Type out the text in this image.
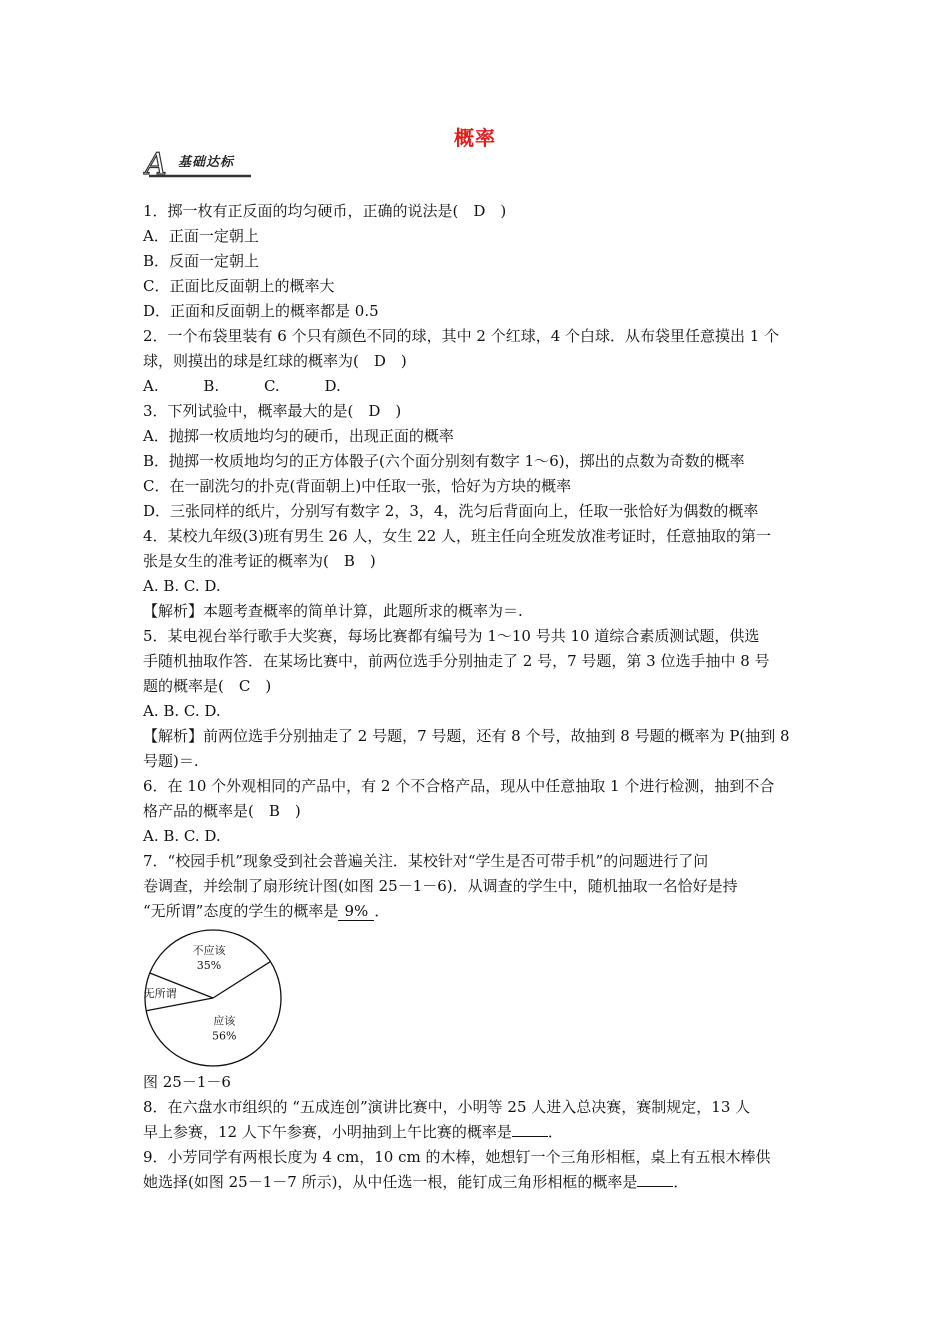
概率
A 基础达标

1．掷一枚有正反面的均匀硬币，正确的说法是(　D　)

A．正面一定朝上

B．反面一定朝上

C．正面比反面朝上的概率大

D．正面和反面朝上的概率都是 0.5

2．一个布袋里装有 6 个只有颜色不同的球，其中 2 个红球，4 个白球．从布袋里任意摸出 1 个

球，则摸出的球是红球的概率为(　D　)

A.	B.	C.	D.

3．下列试验中，概率最大的是(　D　)

A．抛掷一枚质地均匀的硬币，出现正面的概率

B．抛掷一枚质地均匀的正方体骰子(六个面分别刻有数字 1～6)，掷出的点数为奇数的概率

C．在一副洗匀的扑克(背面朝上)中任取一张，恰好为方块的概率

D．三张同样的纸片，分别写有数字 2，3，4，洗匀后背面向上，任取一张恰好为偶数的概率

4．某校九年级(3)班有男生 26 人，女生 22 人，班主任向全班发放准考证时，任意抽取的第一

张是女生的准考证的概率为(　B　)

A. B. C. D.

【解析】本题考查概率的简单计算，此题所求的概率为＝.

5．某电视台举行歌手大奖赛，每场比赛都有编号为 1～10 号共 10 道综合素质测试题，供选

手随机抽取作答．在某场比赛中，前两位选手分别抽走了 2 号，7 号题，第 3 位选手抽中 8 号

题的概率是(　C　)

A. B. C. D.

【解析】前两位选手分别抽走了 2 号题，7 号题，还有 8 个号，故抽到 8 号题的概率为 P(抽到 8

号题)＝.

6．在 10 个外观相同的产品中，有 2 个不合格产品，现从中任意抽取 1 个进行检测，抽到不合

格产品的概率是(　B　)

A. B. C. D.

7．“校园手机”现象受到社会普遍关注．某校针对“学生是否可带手机”的问题进行了问

卷调查，并绘制了扇形统计图(如图 25－1－6)．从调查的学生中，随机抽取一名恰好是持

“无所谓”态度的学生的概率是 9% ．

不应该
35%
无所谓
应该
56%

图 25－1－6

8．在六盘水市组织的 “五成连创”演讲比赛中，小明等 25 人进入总决赛，赛制规定，13 人

早上参赛，12 人下午参赛，小明抽到上午比赛的概率是 ．

9．小芳同学有两根长度为 4 cm，10 cm 的木棒，她想钉一个三角形相框，桌上有五根木棒供

她选择(如图 25－1－7 所示)，从中任选一根，能钉成三角形相框的概率是 ．
